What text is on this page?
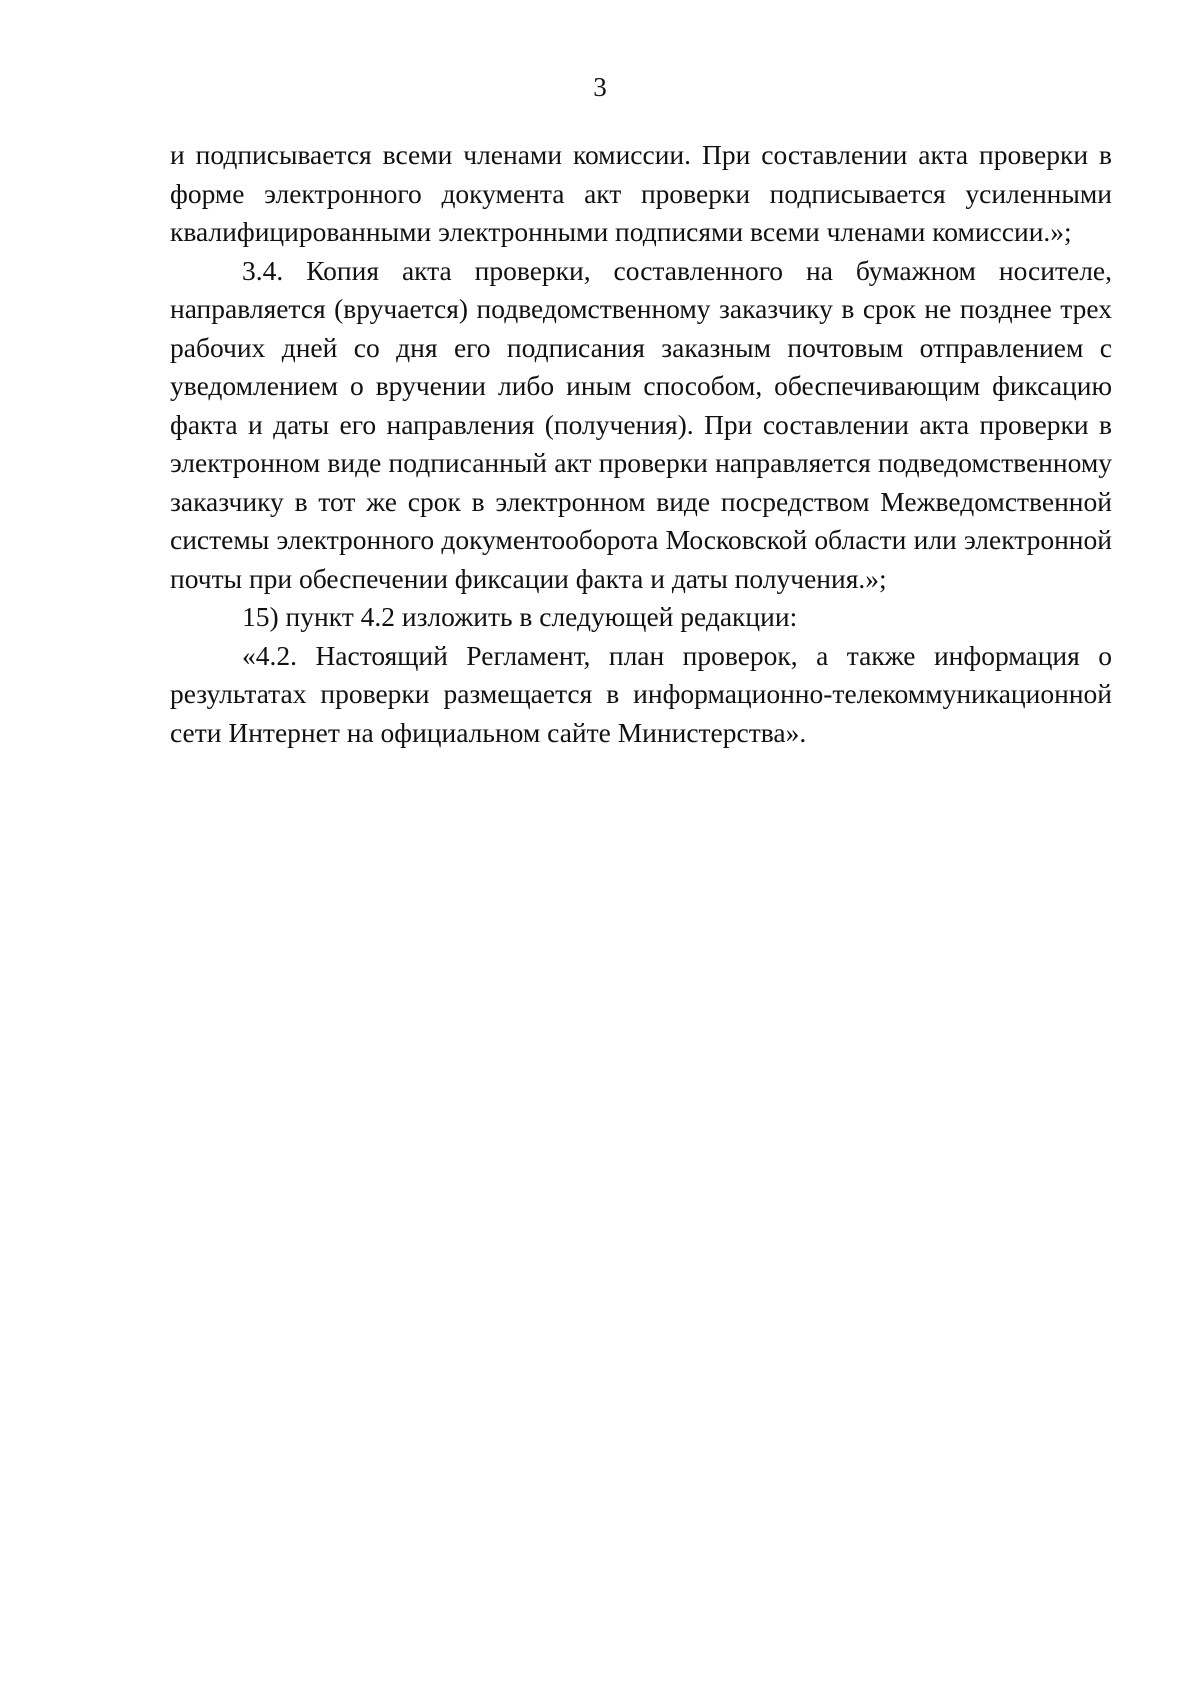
3

и подписывается всеми членами комиссии. При составлении акта проверки в форме электронного документа акт проверки подписывается усиленными квалифицированными электронными подписями всеми членами комиссии.»;

3.4. Копия акта проверки, составленного на бумажном носителе, направляется (вручается) подведомственному заказчику в срок не позднее трех рабочих дней со дня его подписания заказным почтовым отправлением с уведомлением о вручении либо иным способом, обеспечивающим фиксацию факта и даты его направления (получения). При составлении акта проверки в электронном виде подписанный акт проверки направляется подведомственному заказчику в тот же срок в электронном виде посредством Межведомственной системы электронного документооборота Московской области или электронной почты при обеспечении фиксации факта и даты получения.»;

15) пункт 4.2 изложить в следующей редакции:

«4.2. Настоящий Регламент, план проверок, а также информация о результатах проверки размещается в информационно-телекоммуникационной сети Интернет на официальном сайте Министерства».
